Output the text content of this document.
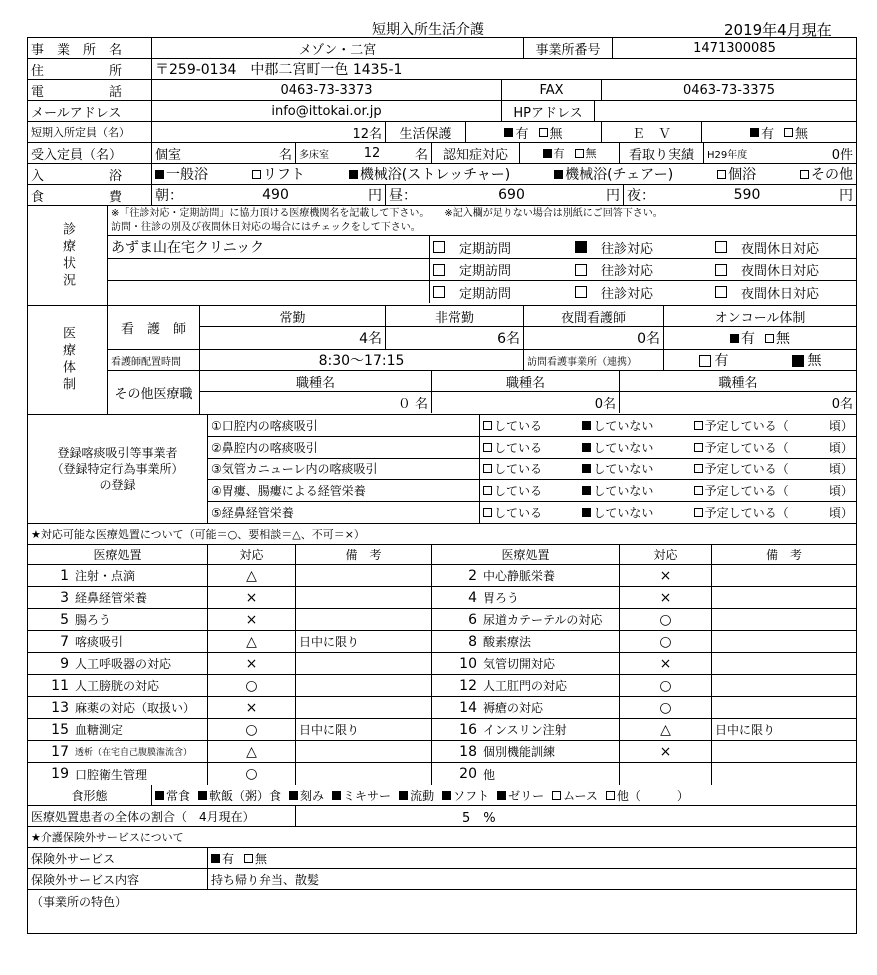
短期入所生活介護	2019年4月現在
事　業　所　名	メゾン・二宮	事業所番号	1471300085
住　　　　　所	〒259-0134　中郡二宮町一色 1435-1
電　　　　　話	0463-73-3373	FAX	0463-73-3375
メールアドレス	info@ittokai.or.jp	HPアドレス
短期入所定員（名）	12名	生活保護	有 無	Ｅ　Ｖ	有 無
受入定員（名）	個室	名 多床室	12	名	認知症対応	有 無	看取り実績	H29年度	0件
入　　　　　浴	一般浴	リフト	機械浴(ストレッチャー)	機械浴(チェアー)	個浴	その他
食　　　　　費	朝：	490	円 昼：	690	円 夜：	590	円
診療状況
※「往診対応・定期訪問」に協力頂ける医療機関名を記載して下さい。　　 ※記入欄が足りない場合は別紙にご回答下さい。
訪問・往診の別及び夜間休日対応の場合にはチェックをして下さい。
あずま山在宅クリニック	定期訪問	往診対応	夜間休日対応
定期訪問	往診対応	夜間休日対応
定期訪問	往診対応	夜間休日対応
医療体制	看　護　師
常勤	非常勤	夜間看護師	オンコール体制
4名	6名	0名	有 無
看護師配置時間	8:30～17:15	訪問看護事業所（連携）	有	無
その他医療職
職種名	職種名	職種名
０ 名	0名	0名
登録喀痰吸引等事業者
（登録特定行為事業所）
の登録
①口腔内の喀痰吸引	している	していない	予定している（	頃）
②鼻腔内の喀痰吸引	している	していない	予定している（	頃）
③気管カニューレ内の喀痰吸引	している	していない	予定している（	頃）
④胃瘻、腸瘻による経管栄養	している	していない	予定している（	頃）
⑤経鼻経管栄養	している	していない	予定している（	頃）
★対応可能な医療処置について（可能＝○、要相談＝△、不可＝×）
医療処置	対応	備　考	医療処置	対応	備　考
1 注射・点滴	△	2 中心静脈栄養	×
3 経鼻経管栄養	×	4 胃ろう	×
5 腸ろう	×	6 尿道カテーテルの対応	○
7 喀痰吸引	△	日中に限り	8 酸素療法	○
9 人工呼吸器の対応	×	10 気管切開対応	×
11 人工膀胱の対応	○	12 人工肛門の対応	○
13 麻薬の対応（取扱い）	×	14 褥瘡の対応	○
15 血糖測定	○	日中に限り	16 インスリン注射	△	日中に限り
17 透析（在宅自己腹膜潅流含）	△	18 個別機能訓練	×
19 口腔衛生管理	○	20 他
食形態	常食	軟飯（粥）食	刻み	ミキサー	流動	ソフト	ゼリー	ムース	他（　　　）
医療処置患者の全体の割合（　4月現在）	5　%
★介護保険外サービスについて
保険外サービス	有 無
保険外サービス内容	持ち帰り弁当、散髪
（事業所の特色）
